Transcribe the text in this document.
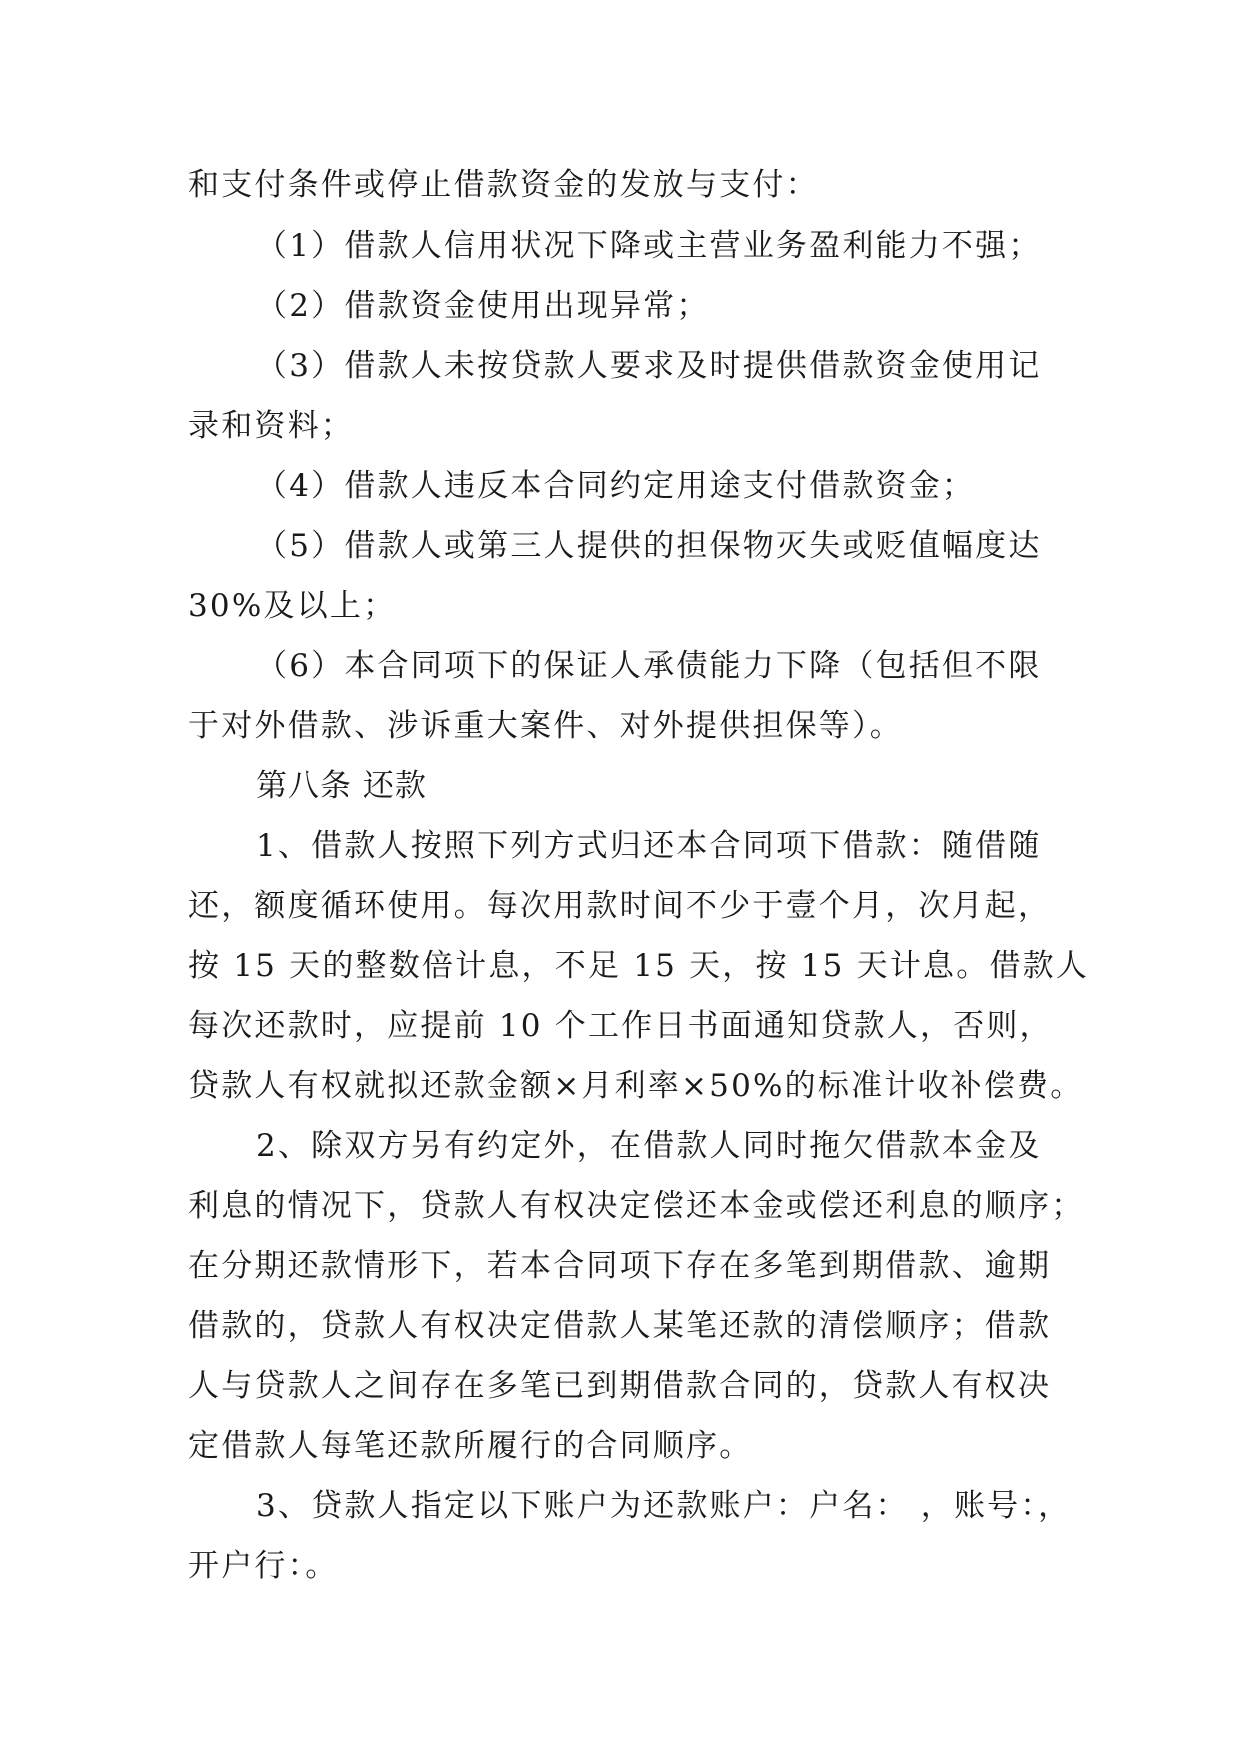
和支付条件或停止借款资金的发放与支付：
（1）借款人信用状况下降或主营业务盈利能力不强；
（2）借款资金使用出现异常；
（3）借款人未按贷款人要求及时提供借款资金使用记
录和资料；
（4）借款人违反本合同约定用途支付借款资金；
（5）借款人或第三人提供的担保物灭失或贬值幅度达
30%及以上；
（6）本合同项下的保证人承债能力下降（包括但不限
于对外借款、涉诉重大案件、对外提供担保等）。
第八条 还款
1、借款人按照下列方式归还本合同项下借款：随借随
还，额度循环使用。每次用款时间不少于壹个月，次月起，
按 15 天的整数倍计息，不足 15 天，按 15 天计息。借款人
每次还款时，应提前 10 个工作日书面通知贷款人，否则，
贷款人有权就拟还款金额×月利率×50%的标准计收补偿费。
2、除双方另有约定外，在借款人同时拖欠借款本金及
利息的情况下，贷款人有权决定偿还本金或偿还利息的顺序；
在分期还款情形下，若本合同项下存在多笔到期借款、逾期
借款的，贷款人有权决定借款人某笔还款的清偿顺序；借款
人与贷款人之间存在多笔已到期借款合同的，贷款人有权决
定借款人每笔还款所履行的合同顺序。
3、贷款人指定以下账户为还款账户：户名： ，账号：，
开户行：。
